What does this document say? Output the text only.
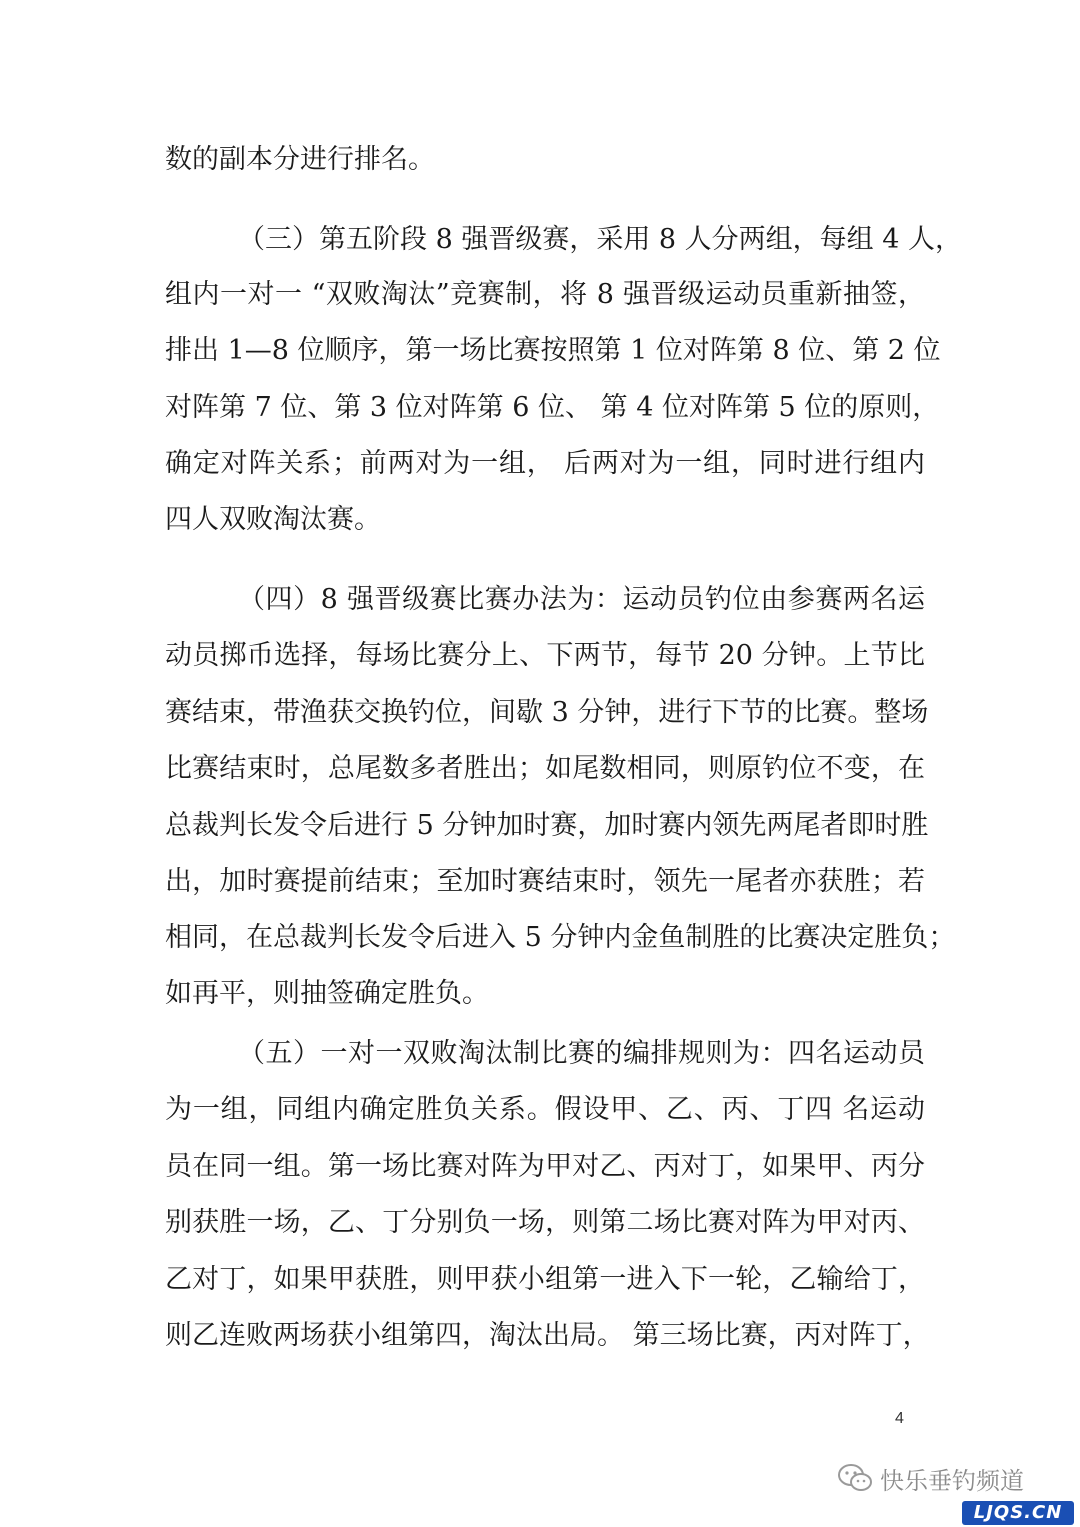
数的副本分进行排名。
（三）第五阶段 8 强晋级赛，采用 8 人分两组，每组 4 人，
组内一对一 “双败淘汰”竞赛制，将 8 强晋级运动员重新抽签，
排出 1—8 位顺序，第一场比赛按照第 1 位对阵第 8 位、第 2 位
对阵第 7 位、第 3 位对阵第 6 位、 第 4 位对阵第 5 位的原则，
确定对阵关系；前两对为一组， 后两对为一组，同时进行组内
四人双败淘汰赛。
（四）8 强晋级赛比赛办法为：运动员钓位由参赛两名运
动员掷币选择，每场比赛分上、下两节，每节 20 分钟。上节比
赛结束，带渔获交换钓位，间歇 3 分钟，进行下节的比赛。整场
比赛结束时，总尾数多者胜出；如尾数相同，则原钓位不变，在
总裁判长发令后进行 5 分钟加时赛，加时赛内领先两尾者即时胜
出，加时赛提前结束；至加时赛结束时，领先一尾者亦获胜；若
相同，在总裁判长发令后进入 5 分钟内金鱼制胜的比赛决定胜负；
如再平，则抽签确定胜负。
（五）一对一双败淘汰制比赛的编排规则为：四名运动员
为一组，同组内确定胜负关系。假设甲、乙、丙、丁四 名运动
员在同一组。第一场比赛对阵为甲对乙、丙对丁，如果甲、丙分
别获胜一场，乙、丁分别负一场，则第二场比赛对阵为甲对丙、
乙对丁，如果甲获胜，则甲获小组第一进入下一轮，乙输给丁，
则乙连败两场获小组第四，淘汰出局。 第三场比赛，丙对阵丁，
4
快乐垂钓频道
LJQS.CN
